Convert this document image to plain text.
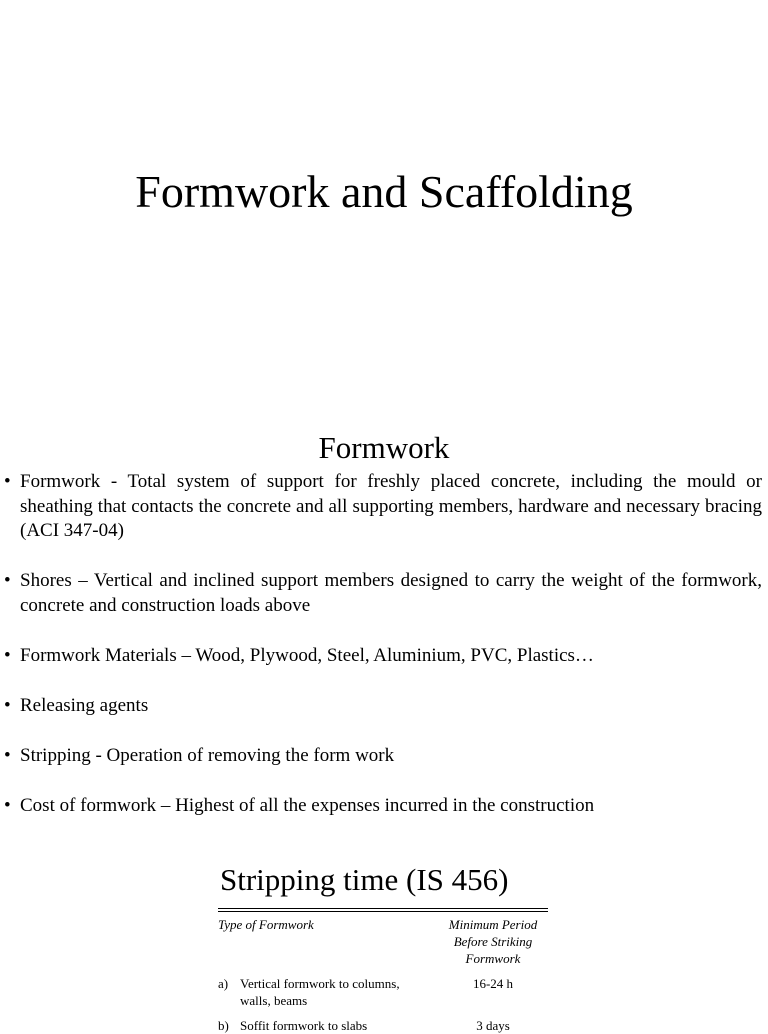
Formwork and Scaffolding
Formwork
• Formwork - Total system of support for freshly placed concrete, including the mould or sheathing that contacts the concrete and all supporting members, hardware and necessary bracing (ACI 347-04)
• Shores – Vertical and inclined support members designed to carry the weight of the formwork, concrete and construction loads above
• Formwork Materials – Wood, Plywood, Steel, Aluminium, PVC, Plastics…
• Releasing agents
• Stripping - Operation of removing the form work
• Cost of formwork – Highest of all the expenses incurred in the construction
Stripping time (IS 456)
Type of Formwork	Minimum Period Before Striking Formwork
a) Vertical formwork to columns, walls, beams
16-24 h
b) Soffit formwork to slabs	3 days
